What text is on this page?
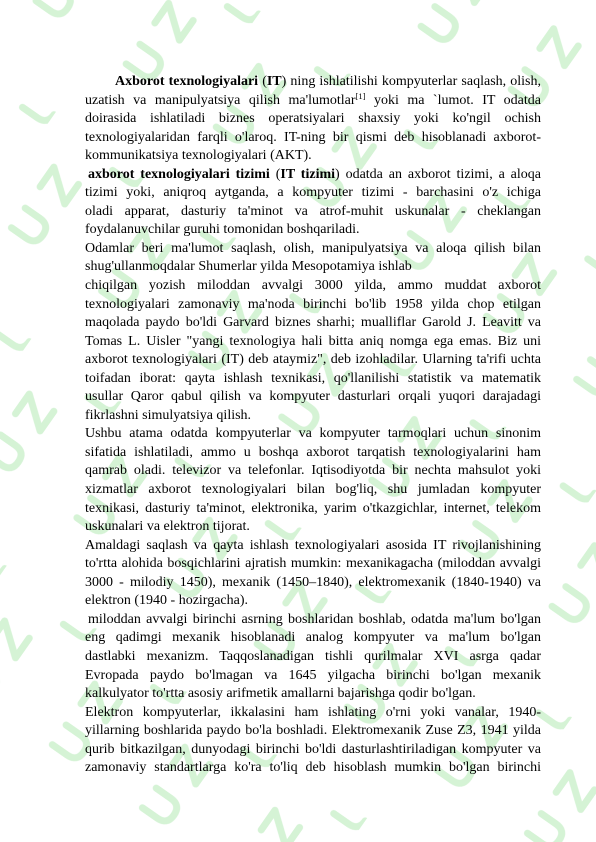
Axborot texnologiyalari (IT) ning ishlatilishi kompyuterlar saqlash, olish,
uzatish va manipulyatsiya qilish ma'lumotlar[1] yoki ma `lumot. IT odatda
doirasida ishlatiladi biznes operatsiyalari shaxsiy yoki ko'ngil ochish
texnologiyalaridan farqli o'laroq. IT-ning bir qismi deb hisoblanadi axborot-
kommunikatsiya texnologiyalari (AKT).
axborot texnologiyalari tizimi (IT tizimi) odatda an axborot tizimi, a aloqa
tizimi yoki, aniqroq aytganda, a kompyuter tizimi - barchasini o'z ichiga
oladi apparat, dasturiy ta'minot va atrof-muhit uskunalar - cheklangan
foydalanuvchilar guruhi tomonidan boshqariladi.
Odamlar beri ma'lumot saqlash, olish, manipulyatsiya va aloqa qilish bilan
shug'ullanmoqdalar Shumerlar yilda Mesopotamiya ishlab
chiqilgan yozish miloddan avvalgi 3000 yilda, ammo muddat axborot
texnologiyalari zamonaviy ma'noda birinchi bo'lib 1958 yilda chop etilgan
maqolada paydo bo'ldi Garvard biznes sharhi; mualliflar Garold J. Leavitt va
Tomas L. Uisler "yangi texnologiya hali bitta aniq nomga ega emas. Biz uni
axborot texnologiyalari (IT) deb ataymiz", deb izohladilar. Ularning ta'rifi uchta
toifadan iborat: qayta ishlash texnikasi, qo'llanilishi statistik va matematik
usullar Qaror qabul qilish va kompyuter dasturlari orqali yuqori darajadagi
fikrlashni simulyatsiya qilish.
Ushbu atama odatda kompyuterlar va kompyuter tarmoqlari uchun sinonim
sifatida ishlatiladi, ammo u boshqa axborot tarqatish texnologiyalarini ham
qamrab oladi. televizor va telefonlar. Iqtisodiyotda bir nechta mahsulot yoki
xizmatlar axborot texnologiyalari bilan bog'liq, shu jumladan kompyuter
texnikasi, dasturiy ta'minot, elektronika, yarim o'tkazgichlar, internet, telekom
uskunalari va elektron tijorat.
Amaldagi saqlash va qayta ishlash texnologiyalari asosida IT rivojlanishining
to'rtta alohida bosqichlarini ajratish mumkin: mexanikagacha (miloddan avvalgi
3000 - milodiy 1450), mexanik (1450–1840), elektromexanik (1840-1940) va
elektron (1940 - hozirgacha).
miloddan avvalgi birinchi asrning boshlaridan boshlab, odatda ma'lum bo'lgan
eng qadimgi mexanik hisoblanadi analog kompyuter va ma'lum bo'lgan
dastlabki mexanizm. Taqqoslanadigan tishli qurilmalar XVI asrga qadar
Evropada paydo bo'lmagan va 1645 yilgacha birinchi bo'lgan mexanik
kalkulyator to'rtta asosiy arifmetik amallarni bajarishga qodir bo'lgan.
Elektron kompyuterlar, ikkalasini ham ishlating o'rni yoki vanalar, 1940-
yillarning boshlarida paydo bo'la boshladi. Elektromexanik Zuse Z3, 1941 yilda
qurib bitkazilgan, dunyodagi birinchi bo'ldi dasturlashtiriladigan kompyuter va
zamonaviy standartlarga ko'ra to'liq deb hisoblash mumkin bo'lgan birinchi
